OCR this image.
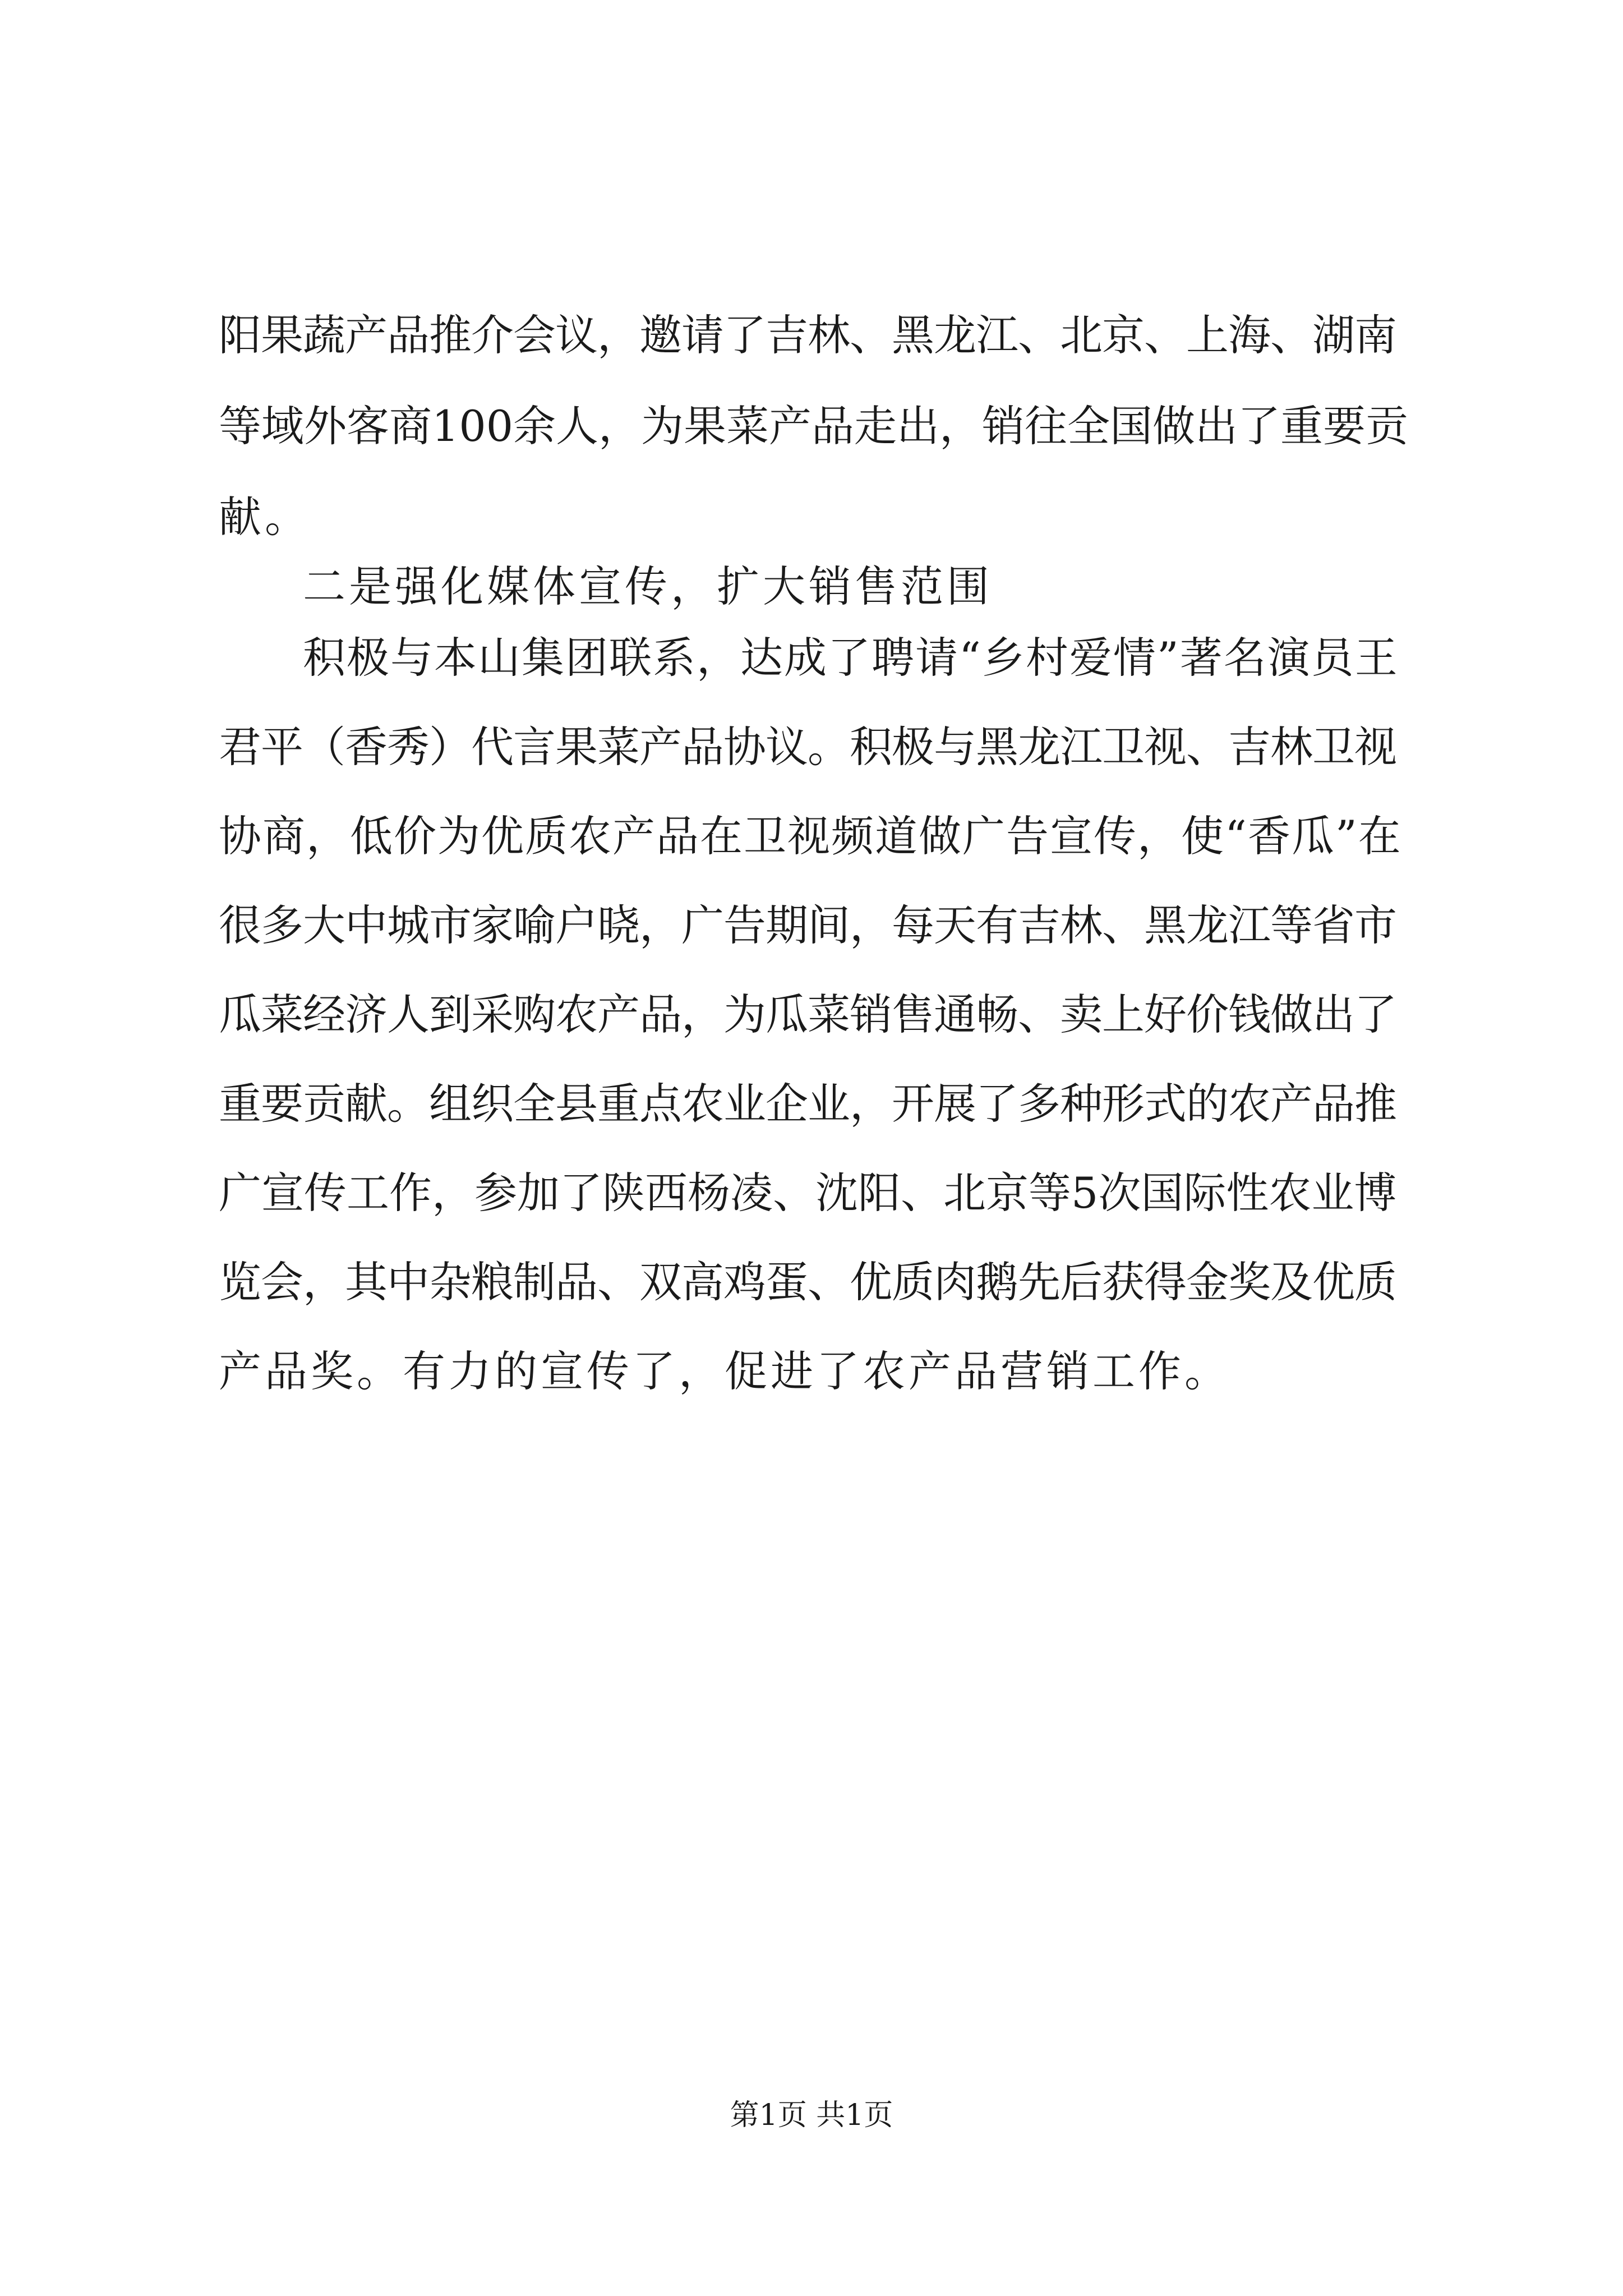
阳果蔬产品推介会议，邀请了吉林、黑龙江、北京、上海、湖南
等域外客商100余人，为果菜产品走出，销往全国做出了重要贡
献。
二是强化媒体宣传，扩大销售范围
积极与本山集团联系，达成了聘请“乡村爱情”著名演员王
君平（香秀）代言果菜产品协议。积极与黑龙江卫视、吉林卫视
协商，低价为优质农产品在卫视频道做广告宣传，使“香瓜”在
很多大中城市家喻户晓，广告期间，每天有吉林、黑龙江等省市
瓜菜经济人到采购农产品，为瓜菜销售通畅、卖上好价钱做出了
重要贡献。组织全县重点农业企业，开展了多种形式的农产品推
广宣传工作，参加了陕西杨凌、沈阳、北京等5次国际性农业博
览会，其中杂粮制品、双高鸡蛋、优质肉鹅先后获得金奖及优质
产品奖。有力的宣传了，促进了农产品营销工作。
第1页 共1页
